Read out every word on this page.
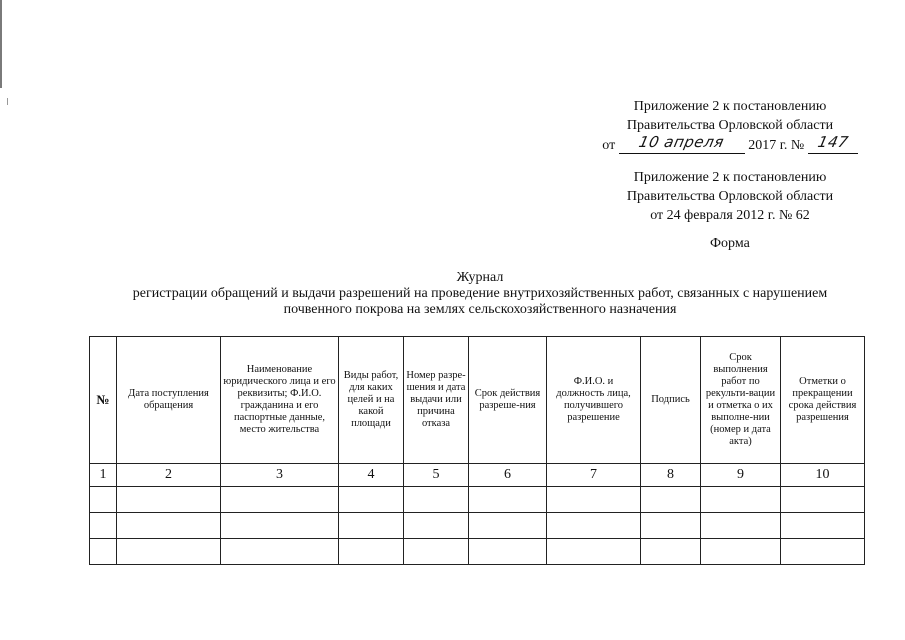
Приложение 2 к постановлению
Правительства Орловской области
от 10 апреля 2017 г. № 147
Приложение 2 к постановлению
Правительства Орловской области
от 24 февраля 2012 г. № 62
Форма
Журнал
регистрации обращений и выдачи разрешений на проведение внутрихозяйственных работ, связанных с нарушением
почвенного покрова на землях сельскохозяйственного назначения
№	Дата поступления обращения	Наименование юридического лица и его реквизиты; Ф.И.О. гражданина и его паспортные данные, место жительства	Виды работ, для каких целей и на какой площади	Номер разре-шения и дата выдачи или причина отказа	Срок действия разреше-ния	Ф.И.О. и должность лица, получившего разрешение	Подпись	Срок выполнения работ по рекульти-вации и отметка о их выполне-нии (номер и дата акта)	Отметки о прекращении срока действия разрешения
1	2	3	4	5	6	7	8	9	10
